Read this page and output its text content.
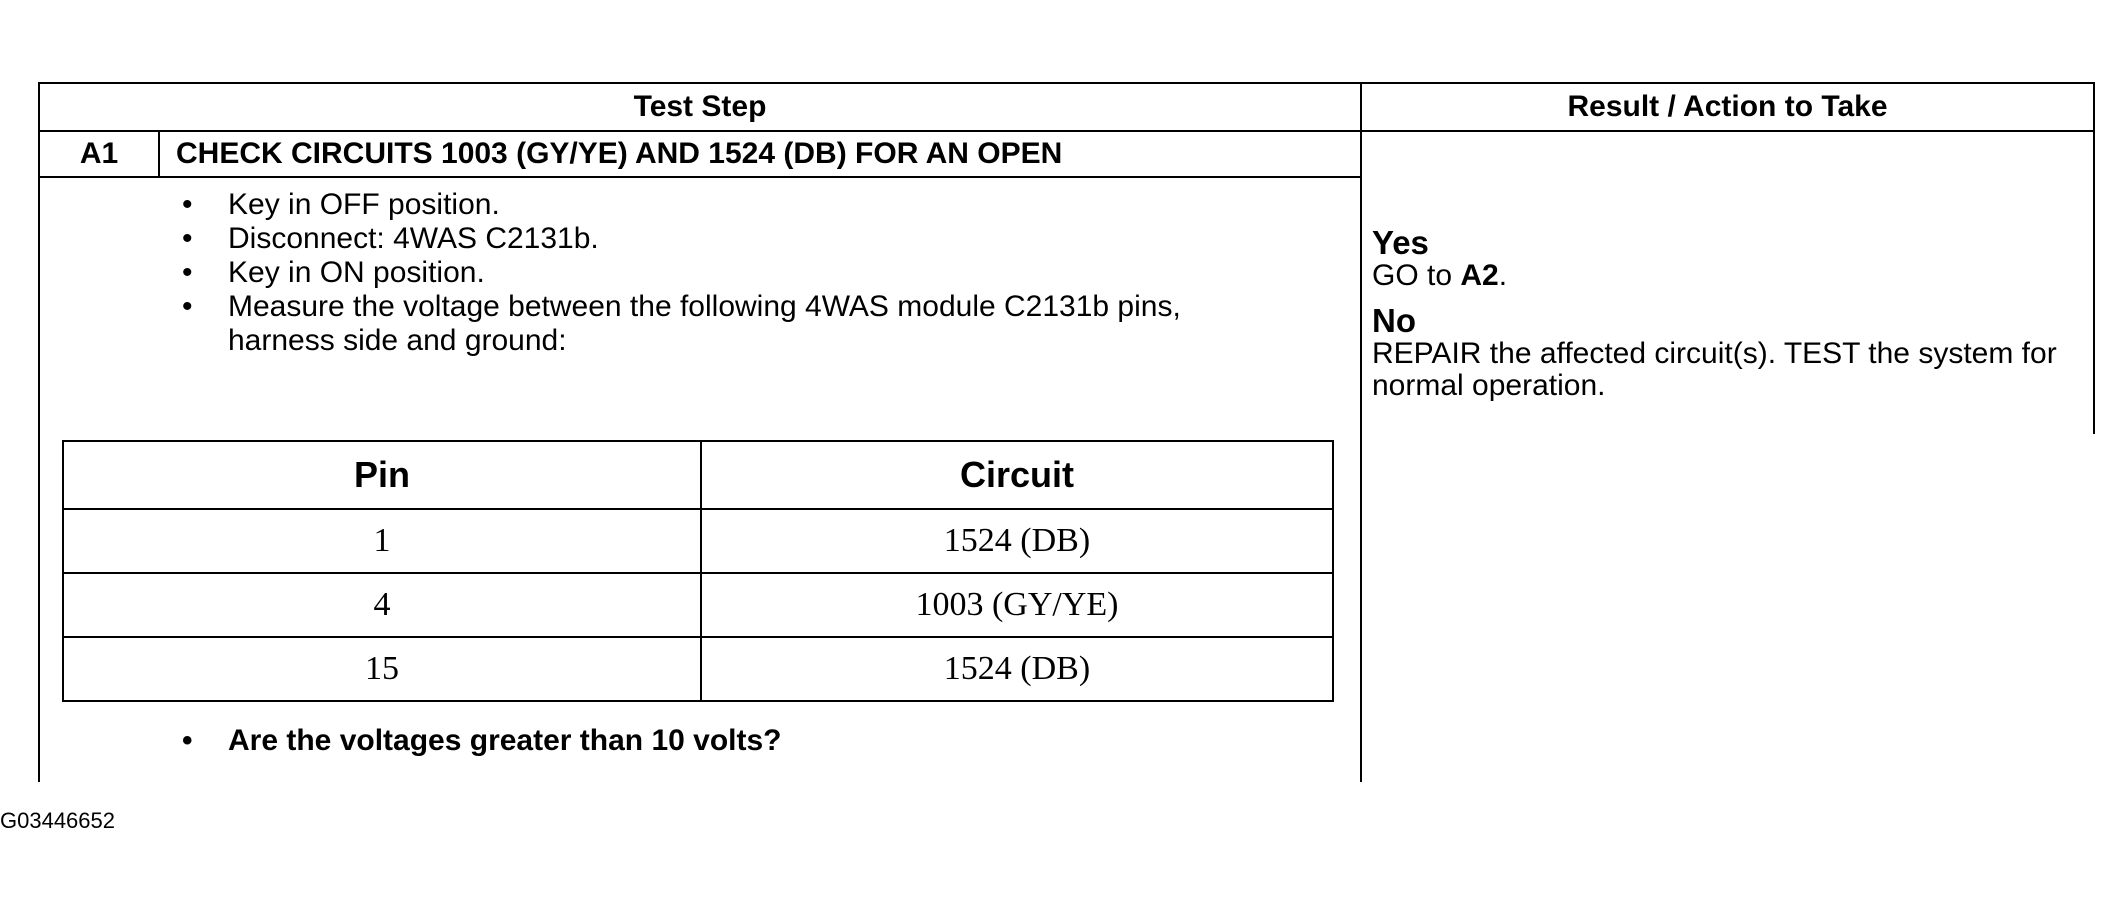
Test Step
A1	CHECK CIRCUITS 1003 (GY/YE) AND 1524 (DB) FOR AN OPEN
• Key in OFF position.
• Disconnect: 4WAS C2131b.
• Key in ON position.
• Measure the voltage between the following 4WAS module C2131b pins, harness side and ground:
Pin	Circuit
1	1524 (DB)
4	1003 (GY/YE)
15	1524 (DB)
• Are the voltages greater than 10 volts?
Result / Action to Take
Yes
GO to A2.
No
REPAIR the affected circuit(s). TEST the system for normal operation.
G03446652
